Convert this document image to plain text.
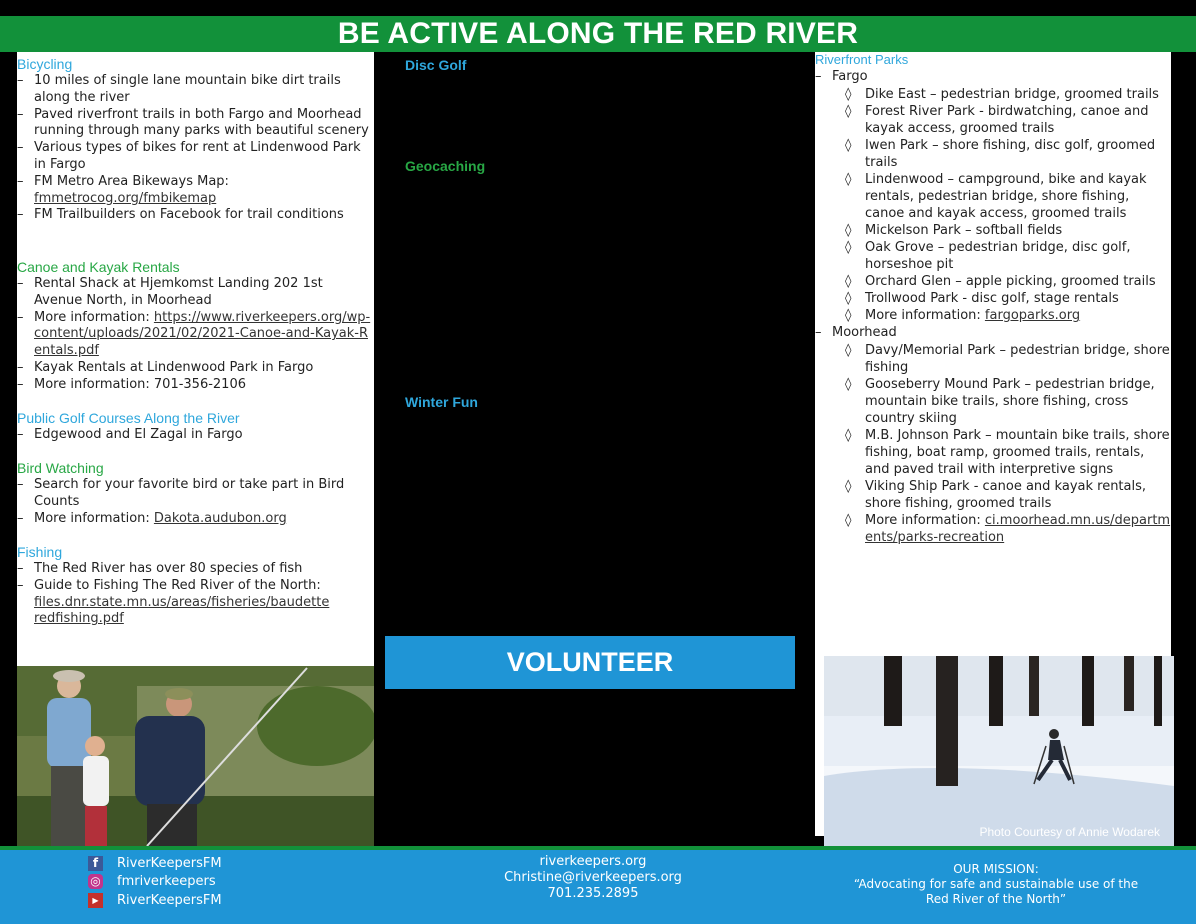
BE ACTIVE ALONG THE RED RIVER
Bicycling
– 10 miles of single lane mountain bike dirt trails along the river
– Paved riverfront trails in both Fargo and Moorhead running through many parks with beautiful scenery
– Various types of bikes for rent at Lindenwood Park in Fargo
– FM Metro Area Bikeways Map:
fmmetrocog.org/fmbikemap
– FM Trailbuilders on Facebook for trail conditions
Canoe and Kayak Rentals
– Rental Shack at Hjemkomst Landing 202 1st Avenue North, in Moorhead
– More information: https://www.riverkeepers.org/wp-content/uploads/2021/02/2021-Canoe-and-Kayak-Rentals.pdf
– Kayak Rentals at Lindenwood Park in Fargo
– More information: 701-356-2106
Public Golf Courses Along the River
– Edgewood and El Zagal in Fargo
Bird Watching
– Search for your favorite bird or take part in Bird Counts
– More information: Dakota.audubon.org
Fishing
– The Red River has over 80 species of fish
– Guide to Fishing The Red River of the North:
files.dnr.state.mn.us/areas/fisheries/baudette redfishing.pdf
Disc Golf
Geocaching
Winter Fun
VOLUNTEER
Riverfront Parks
– Fargo
◊ Dike East – pedestrian bridge, groomed trails
◊ Forest River Park - birdwatching, canoe and kayak access, groomed trails
◊ Iwen Park – shore fishing, disc golf, groomed trails
◊ Lindenwood – campground, bike and kayak rentals, pedestrian bridge, shore fishing, canoe and kayak access, groomed trails
◊ Mickelson Park – softball fields
◊ Oak Grove – pedestrian bridge, disc golf, horseshoe pit
◊ Orchard Glen – apple picking, groomed trails
◊ Trollwood Park - disc golf, stage rentals
◊ More information: fargoparks.org
– Moorhead
◊ Davy/Memorial Park – pedestrian bridge, shore fishing
◊ Gooseberry Mound Park – pedestrian bridge, mountain bike trails, shore fishing, cross country skiing
◊ M.B. Johnson Park – mountain bike trails, shore fishing, boat ramp, groomed trails, rentals, and paved trail with interpretive signs
◊ Viking Ship Park - canoe and kayak rentals, shore fishing, groomed trails
◊ More information: ci.moorhead.mn.us/departments/parks-recreation
Photo Courtesy of Annie Wodarek
f	RiverKeepersFM
◎ fmriverkeepers
▶	RiverKeepersFM
riverkeepers.org
Christine@riverkeepers.org
701.235.2895
OUR MISSION:
“Advocating for safe and sustainable use of the Red River of the North”
